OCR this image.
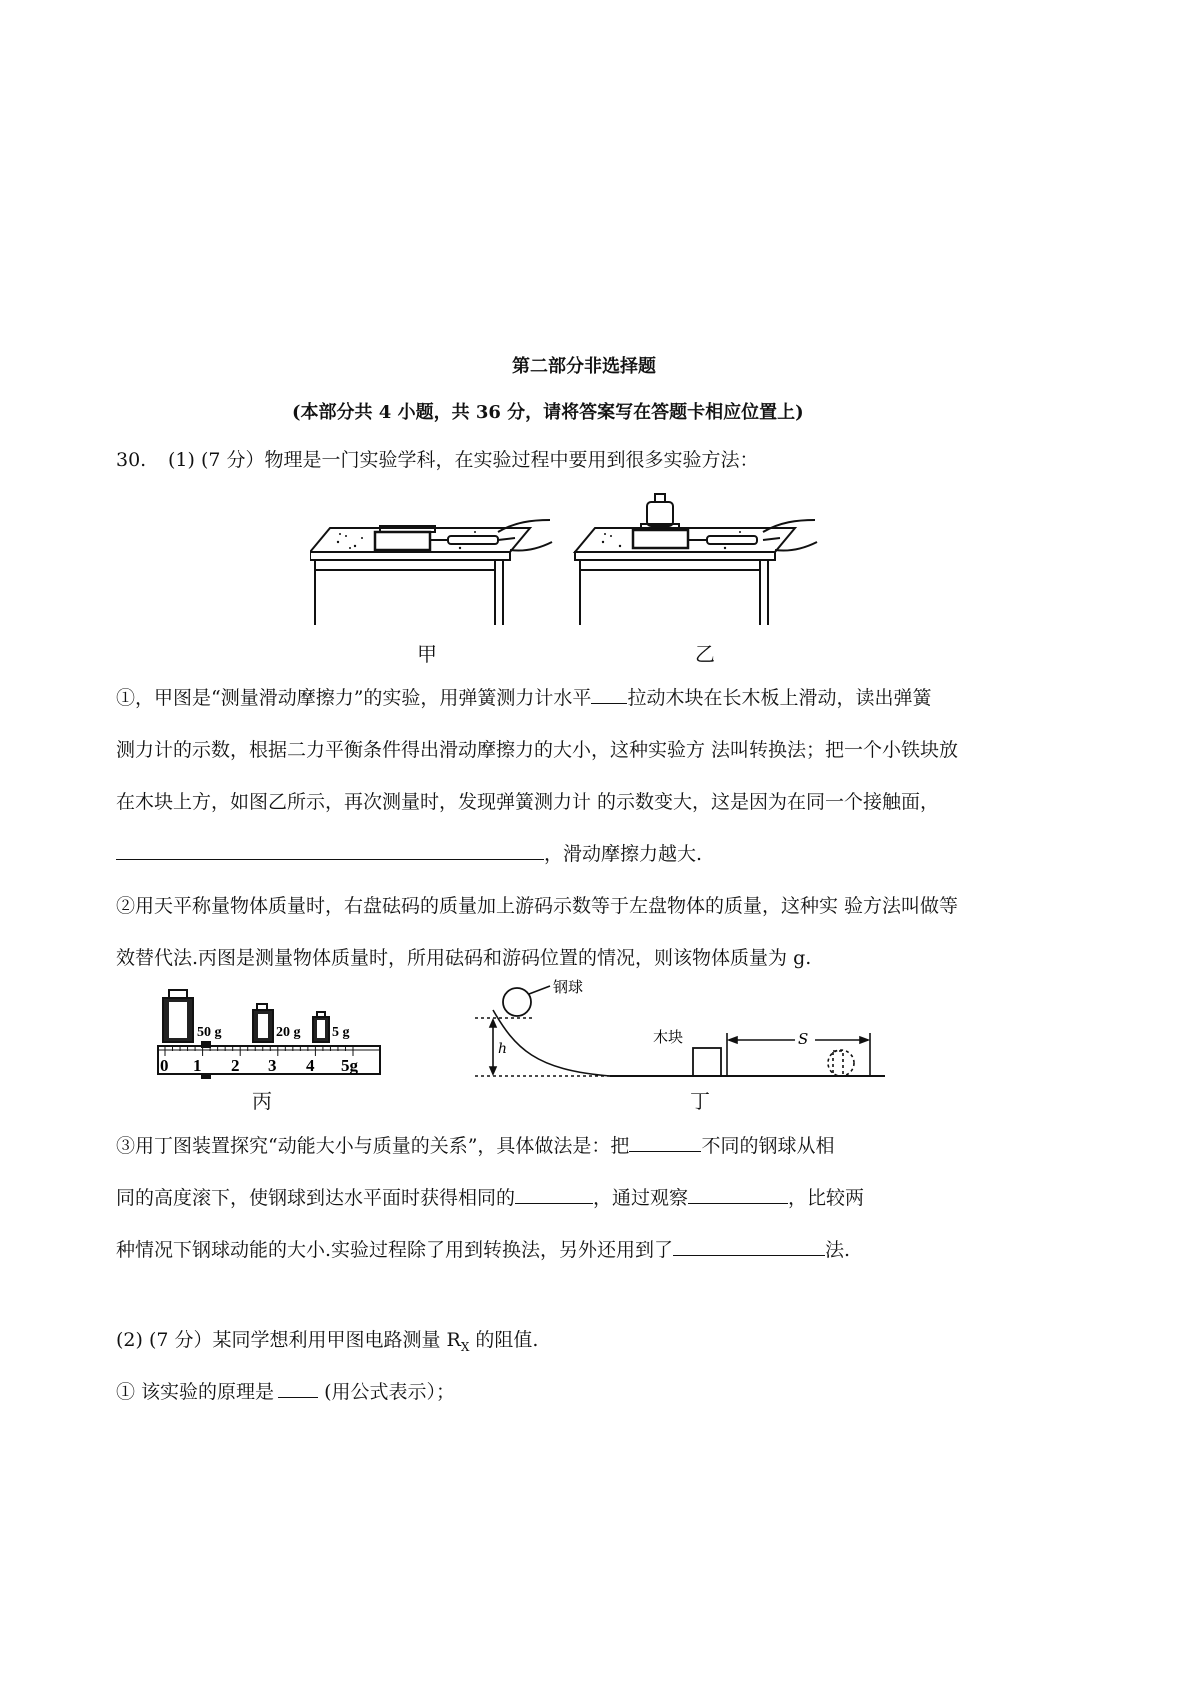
第二部分非选择题
(本部分共 4 小题，共 36 分，请将答案写在答题卡相应位置上)
30. (1) (7 分）物理是一门实验学科，在实验过程中要用到很多实验方法：
甲	乙
①，甲图是“测量滑动摩擦力”的实验，用弹簧测力计水平 拉动木块在长木板上滑动，读出弹簧
测力计的示数，根据二力平衡条件得出滑动摩擦力的大小，这种实验方 法叫转换法；把一个小铁块放
在木块上方，如图乙所示，再次测量时，发现弹簧测力计 的示数变大，这是因为在同一个接触面，
，滑动摩擦力越大.
②用天平称量物体质量时，右盘砝码的质量加上游码示数等于左盘物体的质量，这种实 验方法叫做等
效替代法.丙图是测量物体质量时，所用砝码和游码位置的情况，则该物体质量为 g.
50 g	20 g 5 g
0 1 2 3 4 5g
丙
钢球
木块
h
S
丁
③用丁图装置探究“动能大小与质量的关系”，具体做法是：把	不同的钢球从相
同的高度滚下，使钢球到达水平面时获得相同的	，通过观察	，比较两
种情况下钢球动能的大小.实验过程除了用到转换法，另外还用到了	法.
(2) (7 分）某同学想利用甲图电路测量 $R_X$ 的阻值.
① 该实验的原理是 (用公式表示）；
